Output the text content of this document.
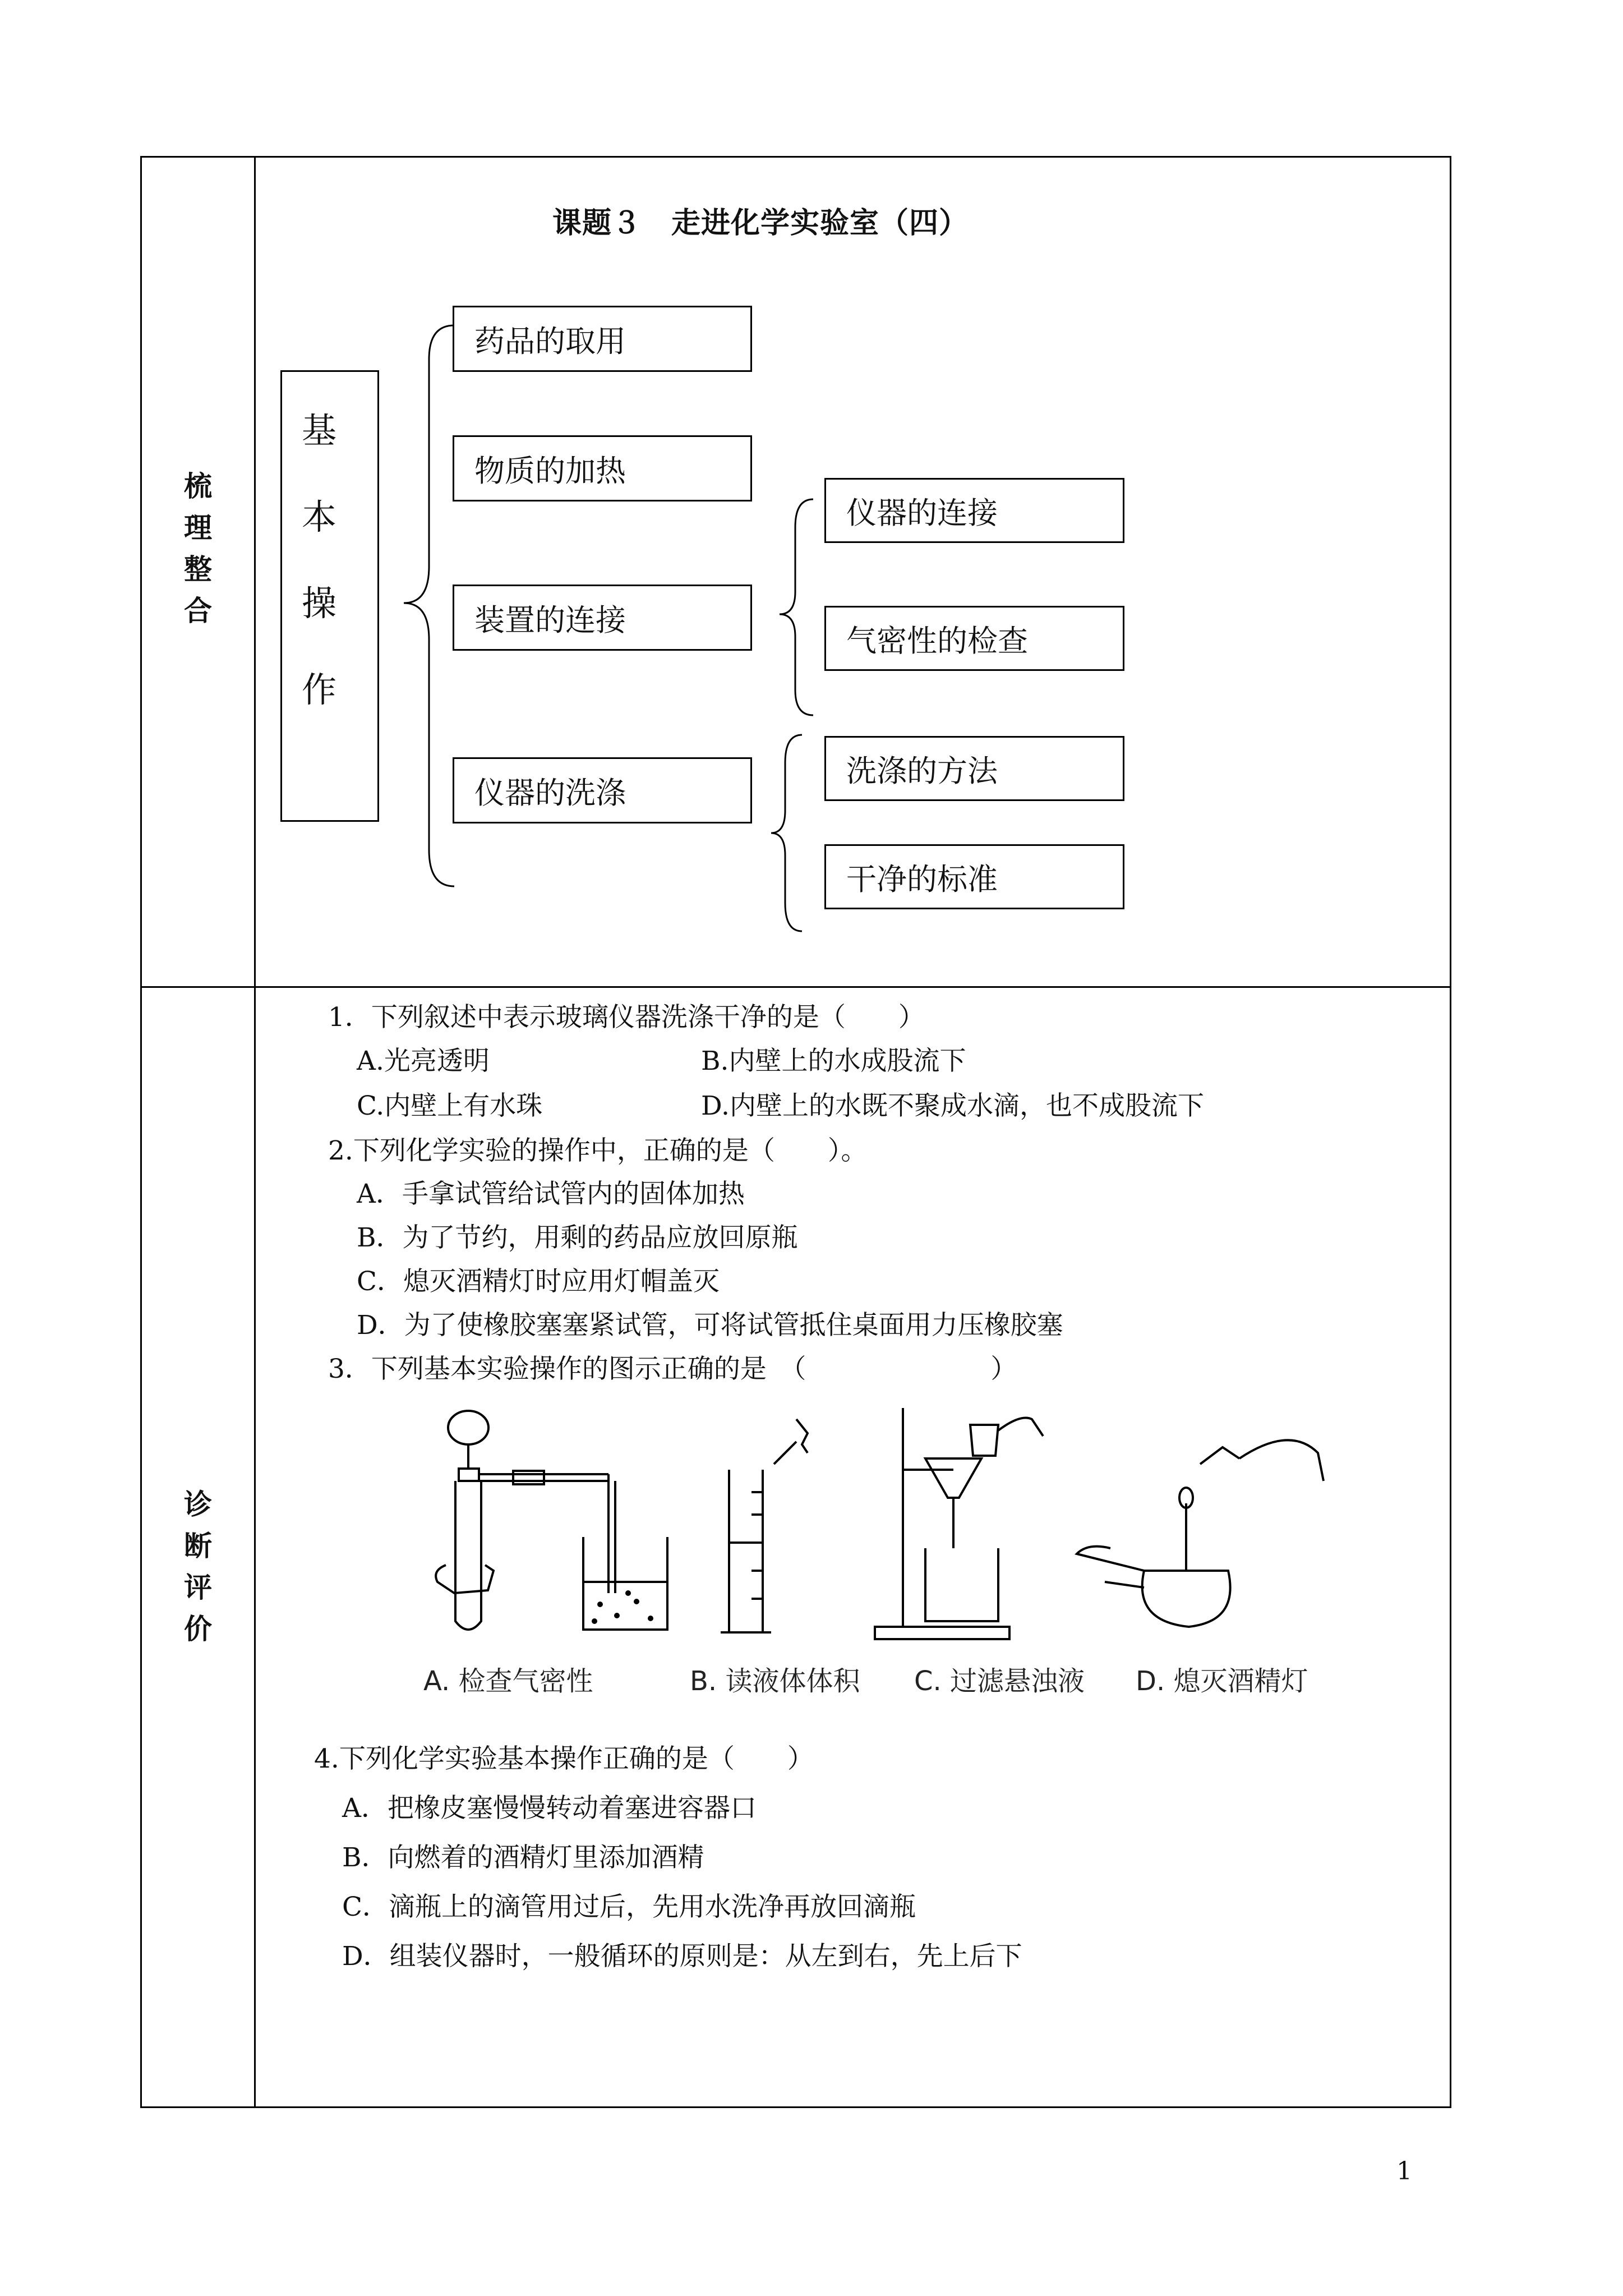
梳
理
整
合
课题３　走进化学实验室（四）
基
本
操
作
药品的取用
物质的加热
装置的连接
仪器的洗涤
仪器的连接
气密性的检查
洗涤的方法
干净的标准
诊
断
评
价
1．下列叙述中表示玻璃仪器洗涤干净的是（　　）
A.光亮透明	B.内壁上的水成股流下
C.内壁上有水珠	D.内壁上的水既不聚成水滴，也不成股流下
2.下列化学实验的操作中，正确的是（　　）。
A．手拿试管给试管内的固体加热
B．为了节约，用剩的药品应放回原瓶
C．熄灭酒精灯时应用灯帽盖灭
D．为了使橡胶塞塞紧试管，可将试管抵住桌面用力压橡胶塞
3．下列基本实验操作的图示正确的是　（　　　　　　　）
A. 检查气密性	B. 读液体体积 C. 过滤悬浊液 D. 熄灭酒精灯
4.下列化学实验基本操作正确的是（　　）
A．把橡皮塞慢慢转动着塞进容器口
B．向燃着的酒精灯里添加酒精
C．滴瓶上的滴管用过后，先用水洗净再放回滴瓶
D．组装仪器时，一般循环的原则是：从左到右，先上后下
1
